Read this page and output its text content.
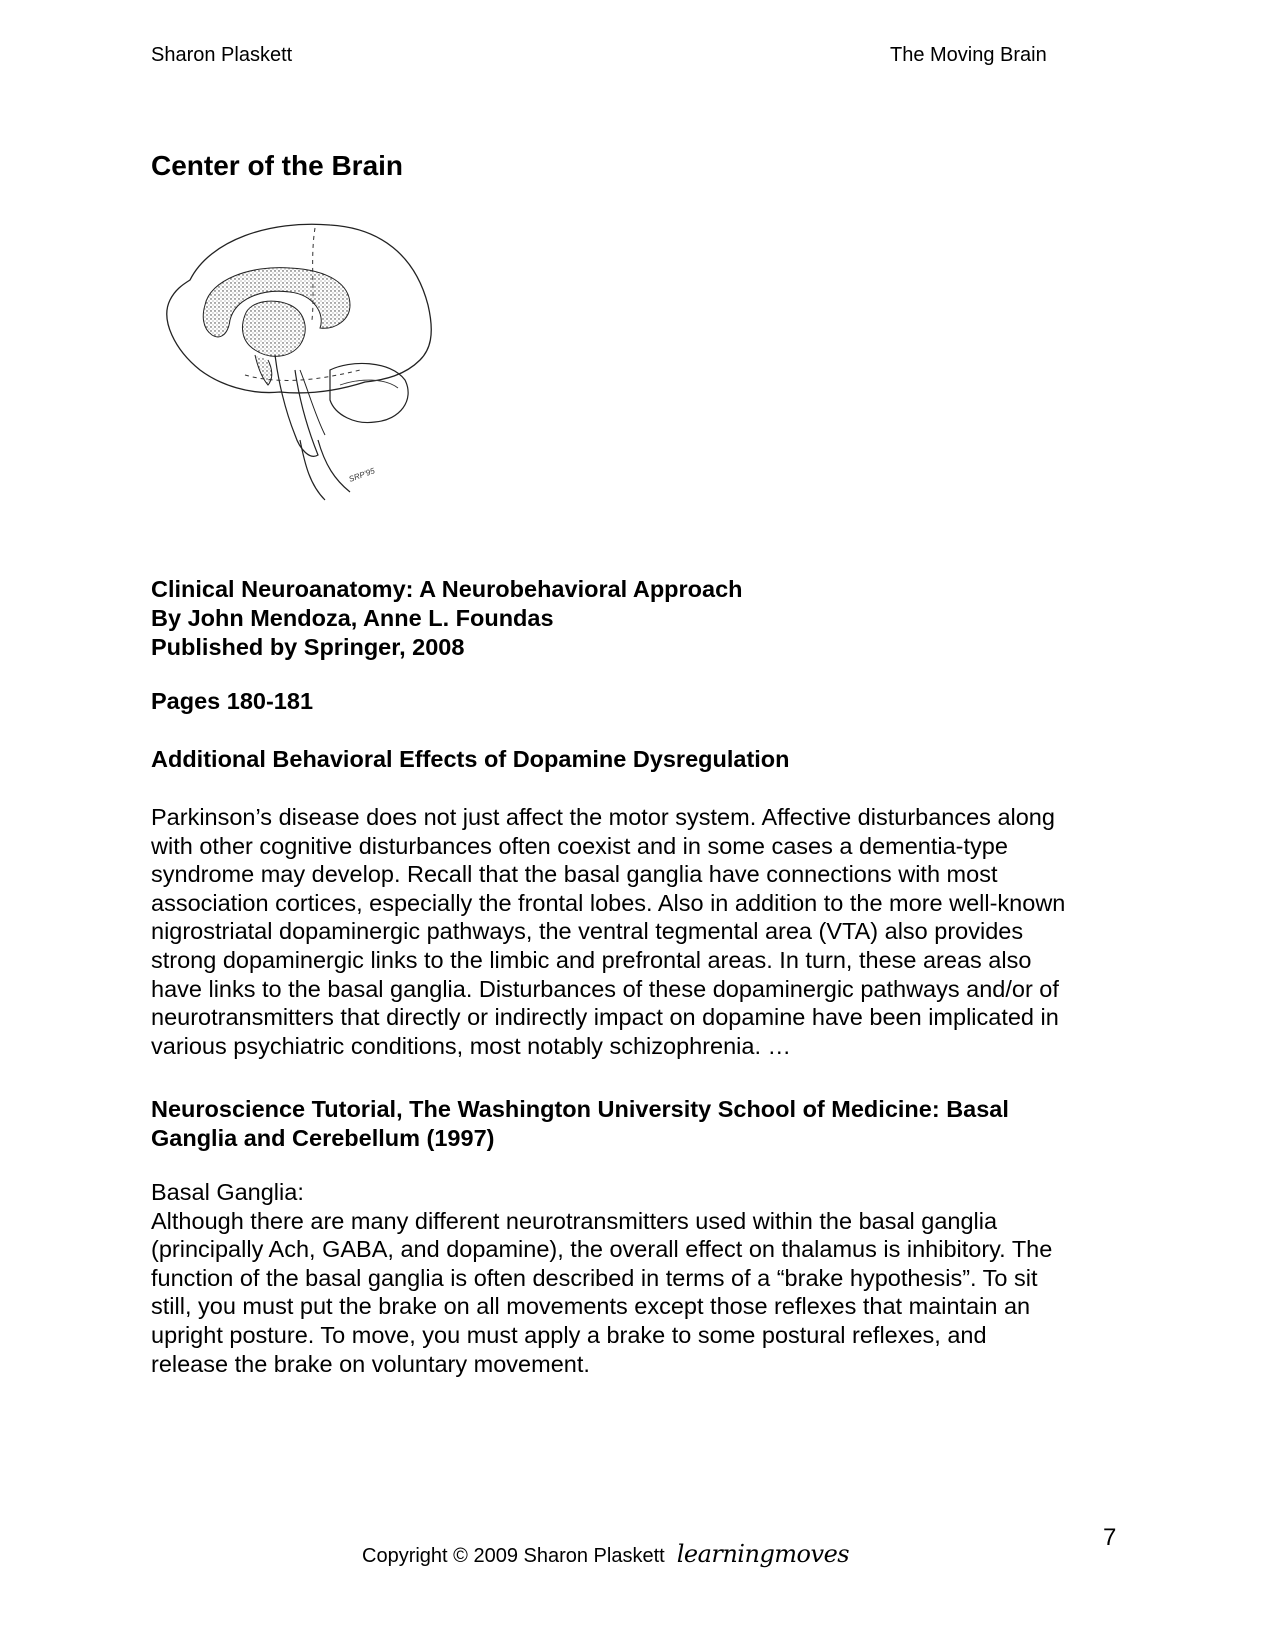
Sharon Plaskett	The Moving Brain
Center of the Brain
SRP'95
Clinical Neuroanatomy: A Neurobehavioral Approach
By John Mendoza, Anne L. Foundas
Published by Springer, 2008
Pages 180-181
Additional Behavioral Effects of Dopamine Dysregulation
Parkinson’s disease does not just affect the motor system. Affective disturbances along
with other cognitive disturbances often coexist and in some cases a dementia-type
syndrome may develop. Recall that the basal ganglia have connections with most
association cortices, especially the frontal lobes. Also in addition to the more well-known
nigrostriatal dopaminergic pathways, the ventral tegmental area (VTA) also provides
strong dopaminergic links to the limbic and prefrontal areas. In turn, these areas also
have links to the basal ganglia. Disturbances of these dopaminergic pathways and/or of
neurotransmitters that directly or indirectly impact on dopamine have been implicated in
various psychiatric conditions, most notably schizophrenia. …
Neuroscience Tutorial, The Washington University School of Medicine: Basal
Ganglia and Cerebellum (1997)
Basal Ganglia:
Although there are many different neurotransmitters used within the basal ganglia
(principally Ach, GABA, and dopamine), the overall effect on thalamus is inhibitory. The
function of the basal ganglia is often described in terms of a “brake hypothesis”. To sit
still, you must put the brake on all movements except those reflexes that maintain an
upright posture. To move, you must apply a brake to some postural reflexes, and
release the brake on voluntary movement.
Copyright © 2009 Sharon Plaskett learningmoves
7
